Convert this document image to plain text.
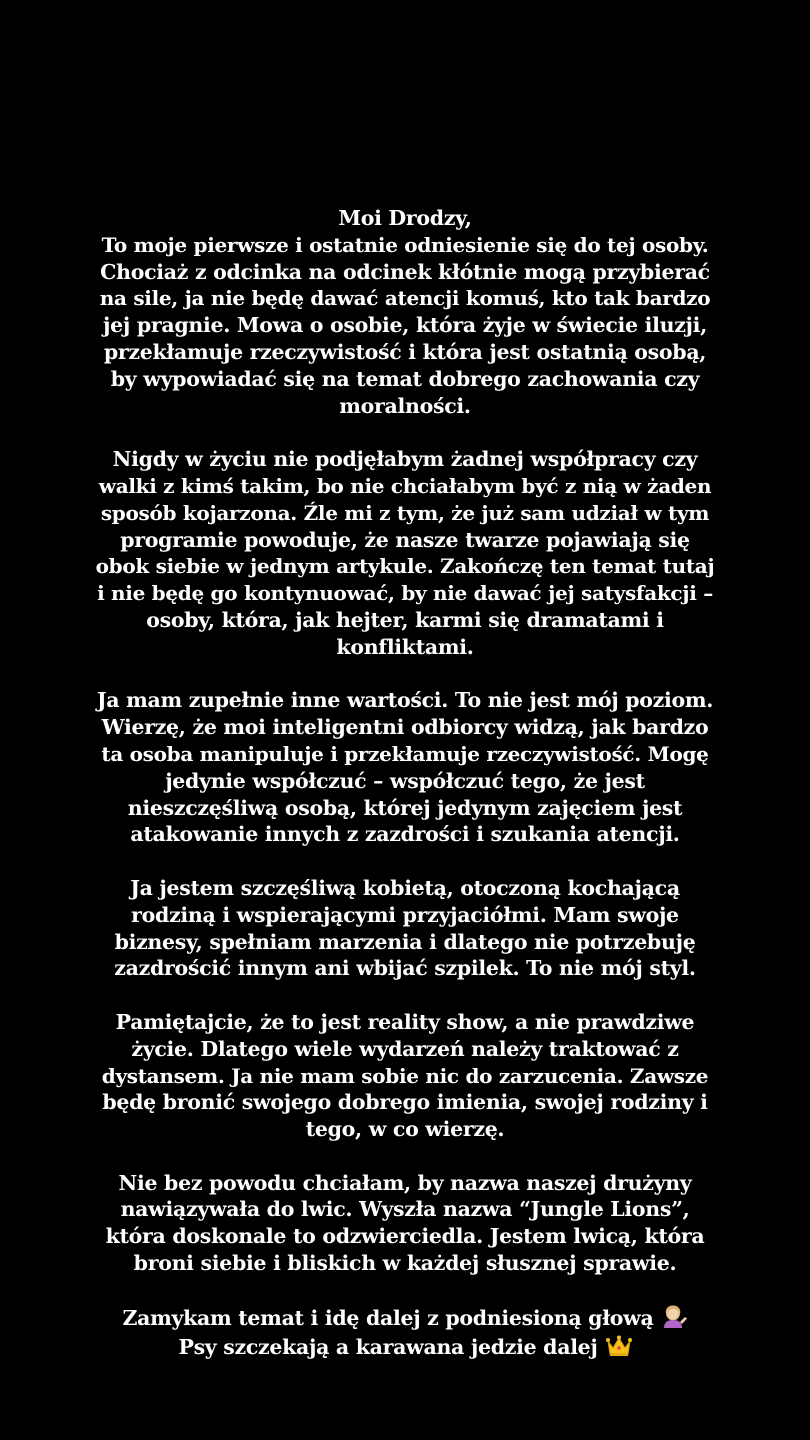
Moi Drodzy,
To moje pierwsze i ostatnie odniesienie się do tej osoby.
Chociaż z odcinka na odcinek kłótnie mogą przybierać
na sile, ja nie będę dawać atencji komuś, kto tak bardzo
jej pragnie. Mowa o osobie, która żyje w świecie iluzji,
przekłamuje rzeczywistość i która jest ostatnią osobą,
by wypowiadać się na temat dobrego zachowania czy
moralności.
Nigdy w życiu nie podjęłabym żadnej współpracy czy
walki z kimś takim, bo nie chciałabym być z nią w żaden
sposób kojarzona. Źle mi z tym, że już sam udział w tym
programie powoduje, że nasze twarze pojawiają się
obok siebie w jednym artykule. Zakończę ten temat tutaj
i nie będę go kontynuować, by nie dawać jej satysfakcji –
osoby, która, jak hejter, karmi się dramatami i
konfliktami.
Ja mam zupełnie inne wartości. To nie jest mój poziom.
Wierzę, że moi inteligentni odbiorcy widzą, jak bardzo
ta osoba manipuluje i przekłamuje rzeczywistość. Mogę
jedynie współczuć – współczuć tego, że jest
nieszczęśliwą osobą, której jedynym zajęciem jest
atakowanie innych z zazdrości i szukania atencji.
Ja jestem szczęśliwą kobietą, otoczoną kochającą
rodziną i wspierającymi przyjaciółmi. Mam swoje
biznesy, spełniam marzenia i dlatego nie potrzebuję
zazdrościć innym ani wbijać szpilek. To nie mój styl.
Pamiętajcie, że to jest reality show, a nie prawdziwe
życie. Dlatego wiele wydarzeń należy traktować z
dystansem. Ja nie mam sobie nic do zarzucenia. Zawsze
będę bronić swojego dobrego imienia, swojej rodziny i
tego, w co wierzę.
Nie bez powodu chciałam, by nazwa naszej drużyny
nawiązywała do lwic. Wyszła nazwa “Jungle Lions”,
która doskonale to odzwierciedla. Jestem lwicą, która
broni siebie i bliskich w każdej słusznej sprawie.
Zamykam temat i idę dalej z podniesioną głową
Psy szczekają a karawana jedzie dalej
